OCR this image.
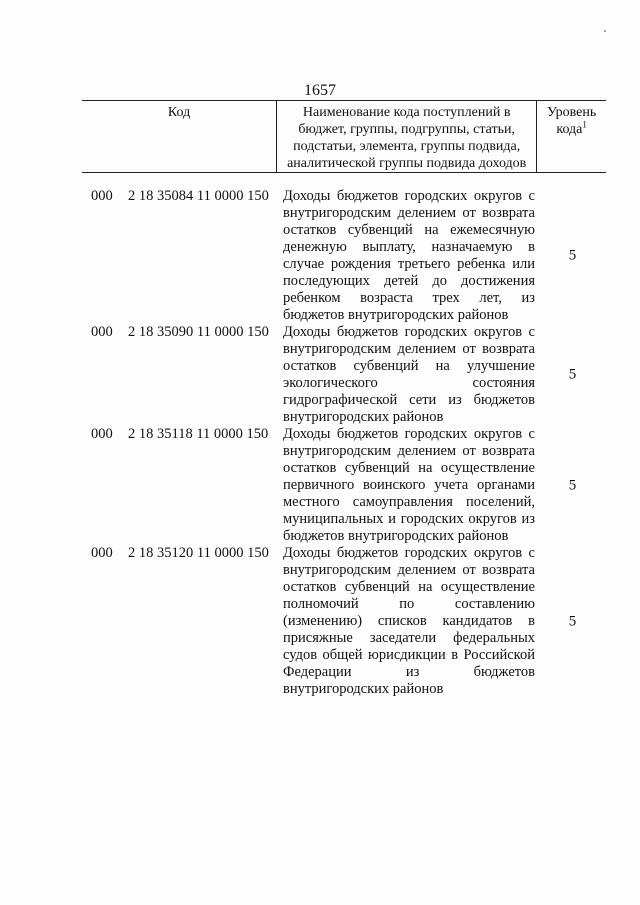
1657
Код	Наименование кода поступлений в бюджет, группы, подгруппы, статьи, подстатьи, элемента, группы подвида, аналитической группы подвида доходов	Уровень кода$^1$
000 2 18 35084 11 0000 150 Доходы бюджетов городских округов с внутригородским делением от возврата остатков субвенций на ежемесячную денежную выплату, назначаемую в случае рождения третьего ребенка или последующих детей до достижения ребенком возраста трех лет, из бюджетов внутригородских районов
5
000 2 18 35090 11 0000 150 Доходы бюджетов городских округов с внутригородским делением от возврата остатков субвенций на улучшение экологического состояния гидрографической сети из бюджетов внутригородских районов
5
000 2 18 35118 11 0000 150 Доходы бюджетов городских округов с внутригородским делением от возврата остатков субвенций на осуществление первичного воинского учета органами местного самоуправления поселений, муниципальных и городских округов из бюджетов внутригородских районов
5
000 2 18 35120 11 0000 150 Доходы бюджетов городских округов с внутригородским делением от возврата остатков субвенций на осуществление полномочий по составлению (изменению) списков кандидатов в присяжные заседатели федеральных судов общей юрисдикции в Российской Федерации из бюджетов внутригородских районов
5
